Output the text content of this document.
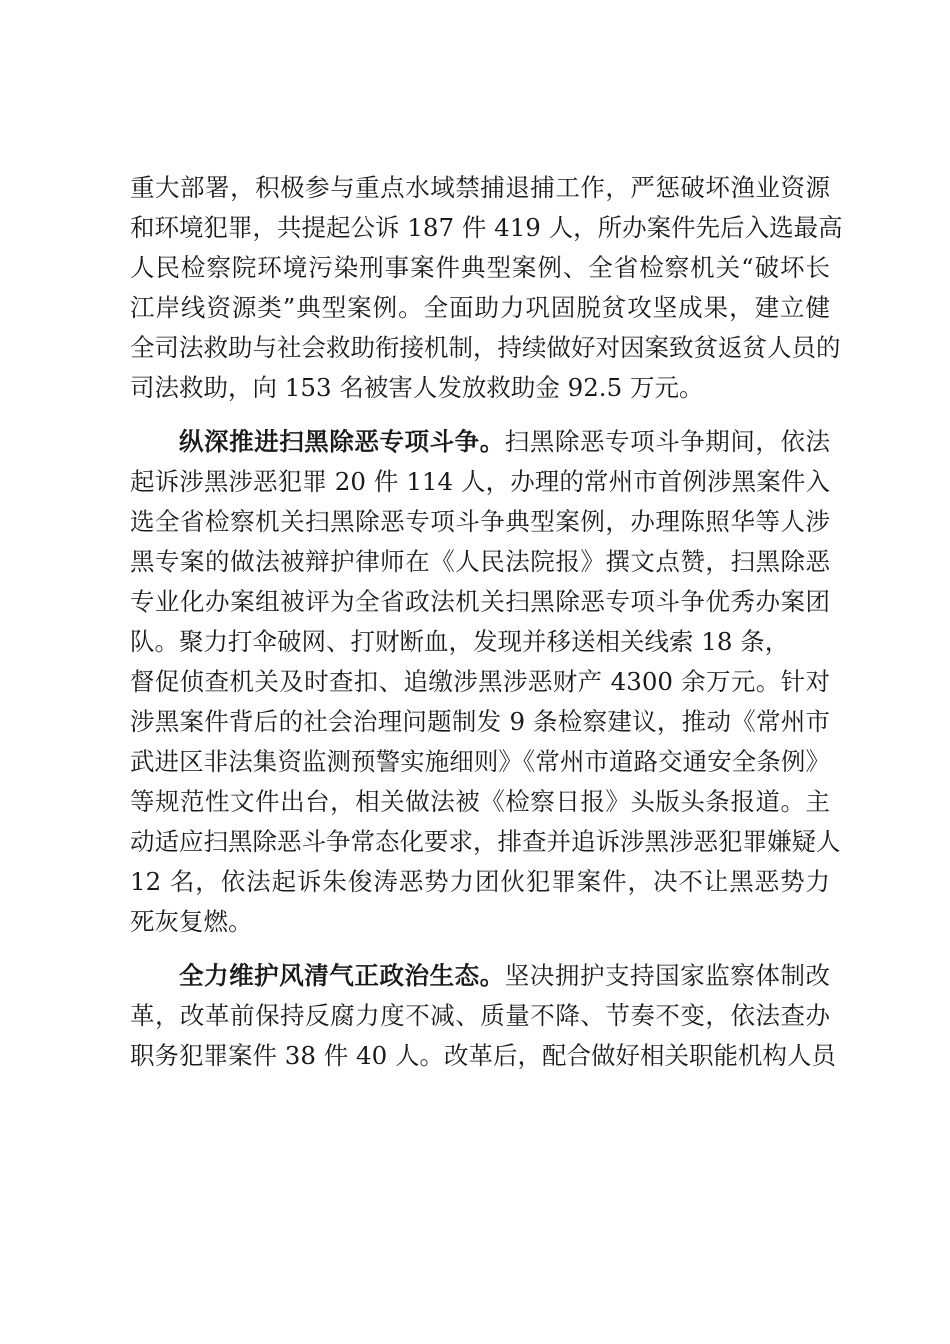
重大部署，积极参与重点水域禁捕退捕工作，严惩破坏渔业资源
和环境犯罪，共提起公诉 187 件 419 人，所办案件先后入选最高
人民检察院环境污染刑事案件典型案例、全省检察机关“破坏长
江岸线资源类”典型案例。全面助力巩固脱贫攻坚成果，建立健
全司法救助与社会救助衔接机制，持续做好对因案致贫返贫人员的
司法救助，向 153 名被害人发放救助金 92.5 万元。
纵深推进扫黑除恶专项斗争。扫黑除恶专项斗争期间，依法
起诉涉黑涉恶犯罪 20 件 114 人，办理的常州市首例涉黑案件入
选全省检察机关扫黑除恶专项斗争典型案例，办理陈照华等人涉
黑专案的做法被辩护律师在《人民法院报》撰文点赞，扫黑除恶
专业化办案组被评为全省政法机关扫黑除恶专项斗争优秀办案团
队。聚力打伞破网、打财断血，发现并移送相关线索 18 条，
督促侦查机关及时查扣、追缴涉黑涉恶财产 4300 余万元。针对
涉黑案件背后的社会治理问题制发 9 条检察建议，推动《常州市
武进区非法集资监测预警实施细则》《常州市道路交通安全条例》
等规范性文件出台，相关做法被《检察日报》头版头条报道。主
动适应扫黑除恶斗争常态化要求，排查并追诉涉黑涉恶犯罪嫌疑人
12 名，依法起诉朱俊涛恶势力团伙犯罪案件，决不让黑恶势力
死灰复燃。
全力维护风清气正政治生态。坚决拥护支持国家监察体制改
革，改革前保持反腐力度不减、质量不降、节奏不变，依法查办
职务犯罪案件 38 件 40 人。改革后，配合做好相关职能机构人员
